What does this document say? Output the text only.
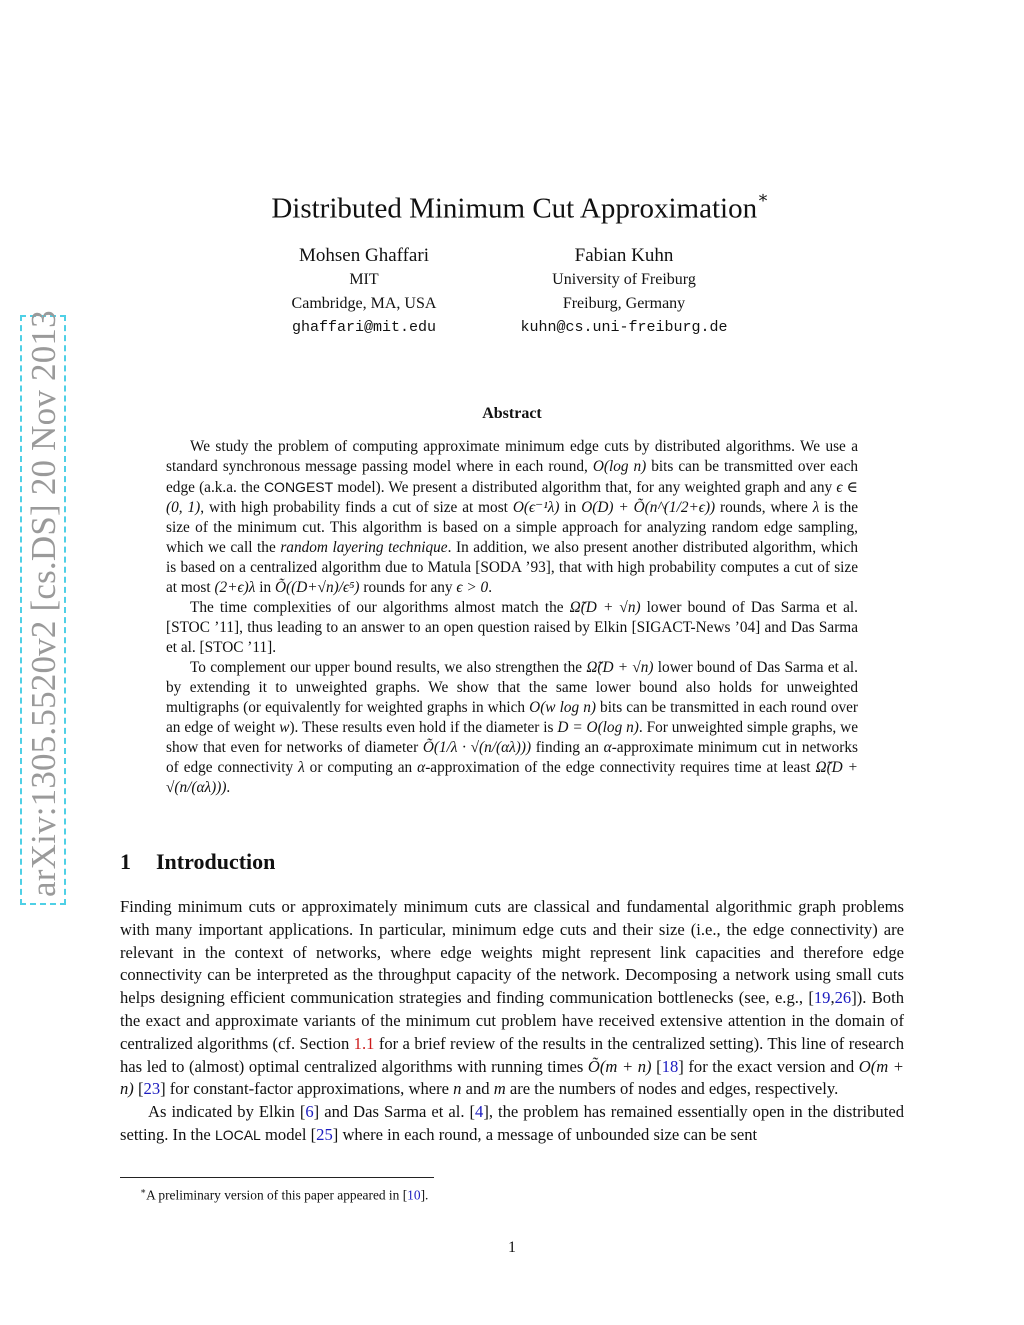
arXiv:1305.5520v2 [cs.DS] 20 Nov 2013
Distributed Minimum Cut Approximation∗
Mohsen Ghaffari
MIT
Cambridge, MA, USA
ghaffari@mit.edu
Fabian Kuhn
University of Freiburg
Freiburg, Germany
kuhn@cs.uni-freiburg.de
Abstract

We study the problem of computing approximate minimum edge cuts by distributed algorithms. We use a standard synchronous message passing model where in each round, O(log n) bits can be transmitted over each edge (a.k.a. the CONGEST model). We present a distributed algorithm that, for any weighted graph and any ϵ ∈ (0, 1), with high probability finds a cut of size at most O(ϵ⁻¹λ) in O(D) + Õ(n^(1/2+ϵ)) rounds, where λ is the size of the minimum cut. This algorithm is based on a simple approach for analyzing random edge sampling, which we call the random layering technique. In addition, we also present another distributed algorithm, which is based on a centralized algorithm due to Matula [SODA ’93], that with high probability computes a cut of size at most (2+ϵ)λ in Õ((D+√n)/ϵ⁵) rounds for any ϵ > 0.

The time complexities of our algorithms almost match the Ω̃(D + √n) lower bound of Das Sarma et al. [STOC ’11], thus leading to an answer to an open question raised by Elkin [SIGACT-News ’04] and Das Sarma et al. [STOC ’11].

To complement our upper bound results, we also strengthen the Ω̃(D + √n) lower bound of Das Sarma et al. by extending it to unweighted graphs. We show that the same lower bound also holds for unweighted multigraphs (or equivalently for weighted graphs in which O(w log n) bits can be transmitted in each round over an edge of weight w). These results even hold if the diameter is D = O(log n). For unweighted simple graphs, we show that even for networks of diameter Õ(1/λ · √(n/(αλ))) finding an α-approximate minimum cut in networks of edge connectivity λ or computing an α-approximation of the edge connectivity requires time at least Ω̃(D + √(n/(αλ))).

1 Introduction

Finding minimum cuts or approximately minimum cuts are classical and fundamental algorithmic graph problems with many important applications. In particular, minimum edge cuts and their size (i.e., the edge connectivity) are relevant in the context of networks, where edge weights might represent link capacities and therefore edge connectivity can be interpreted as the throughput capacity of the network. Decomposing a network using small cuts helps designing efficient communication strategies and finding communication bottlenecks (see, e.g., [19,26]). Both the exact and approximate variants of the minimum cut problem have received extensive attention in the domain of centralized algorithms (cf. Section 1.1 for a brief review of the results in the centralized setting). This line of research has led to (almost) optimal centralized algorithms with running times Õ(m + n) [18] for the exact version and O(m + n) [23] for constant-factor approximations, where n and m are the numbers of nodes and edges, respectively.

As indicated by Elkin [6] and Das Sarma et al. [4], the problem has remained essentially open in the distributed setting. In the LOCAL model [25] where in each round, a message of unbounded size can be sent

∗A preliminary version of this paper appeared in [10].
1
